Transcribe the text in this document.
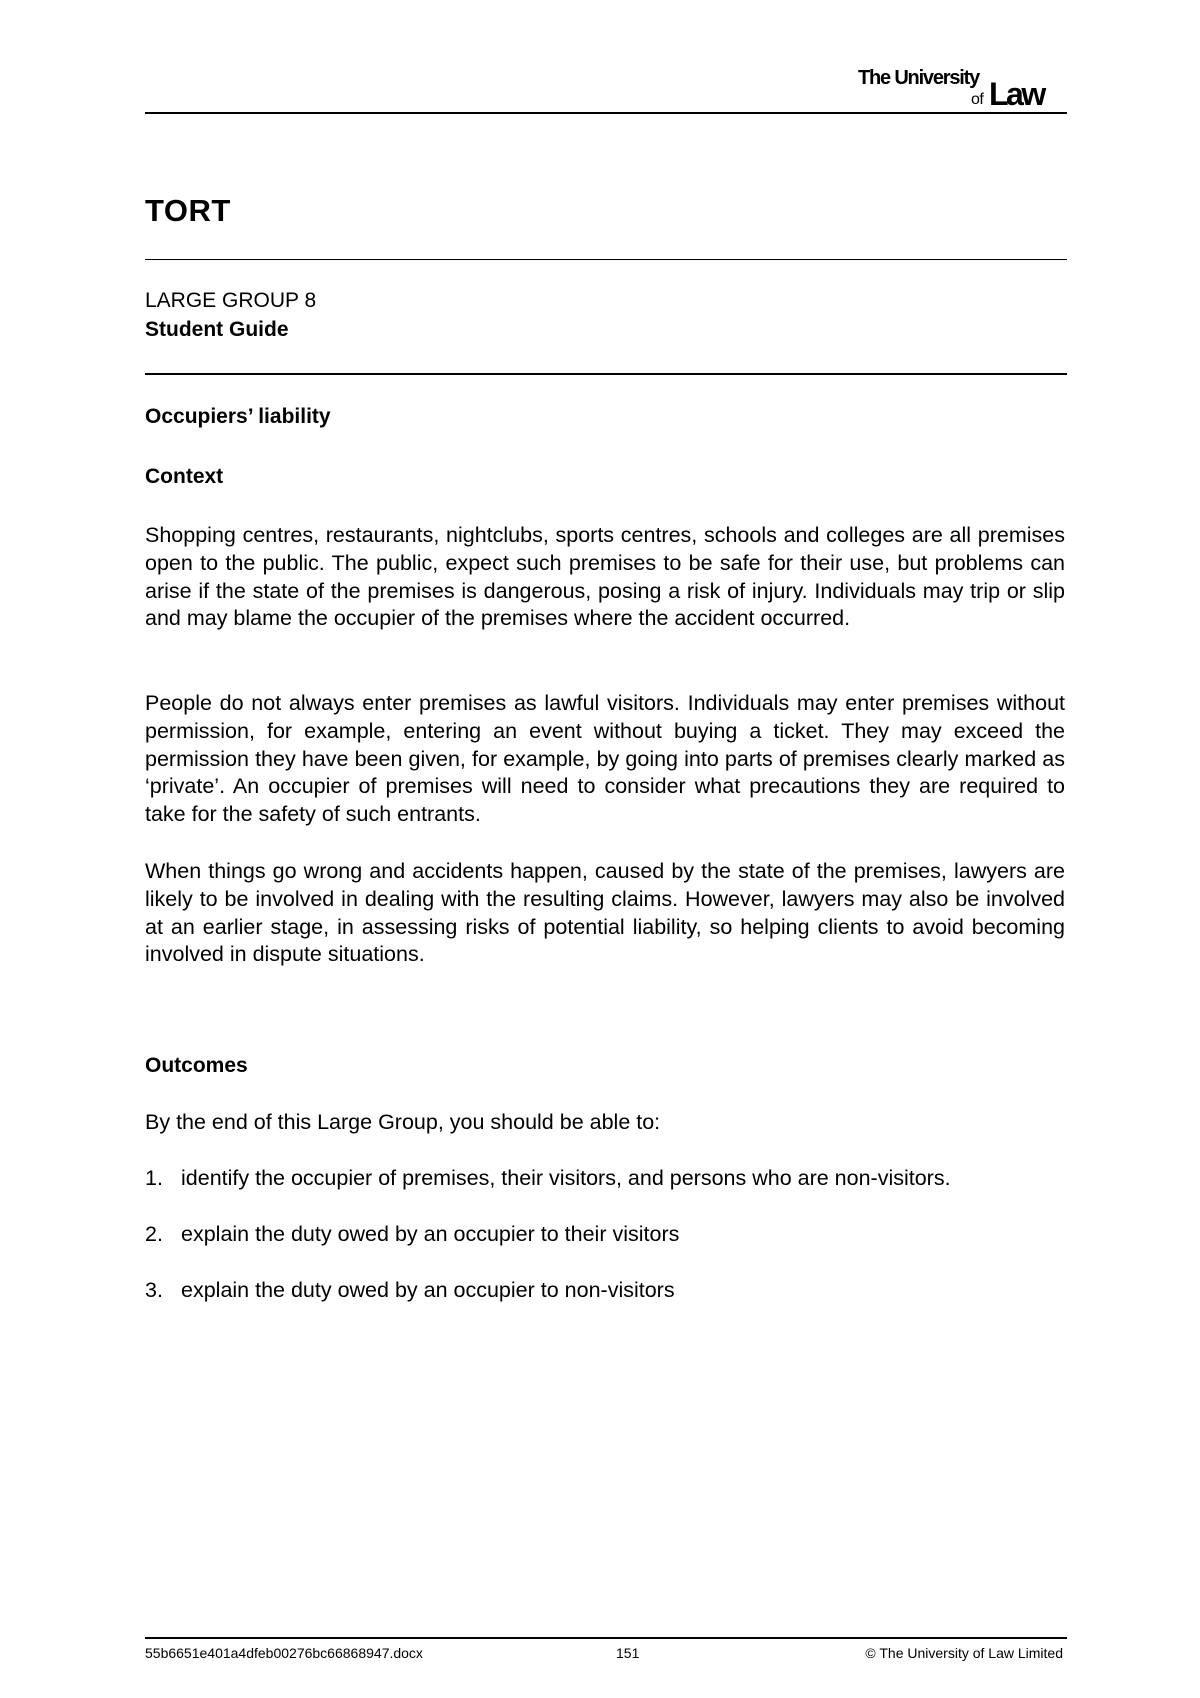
The University
of Law
TORT
LARGE GROUP 8
Student Guide
Occupiers’ liability
Context
Shopping centres, restaurants, nightclubs, sports centres, schools and colleges are all premises open to the public. The public, expect such premises to be safe for their use, but problems can arise if the state of the premises is dangerous, posing a risk of injury. Individuals may trip or slip and may blame the occupier of the premises where the accident occurred.
People do not always enter premises as lawful visitors. Individuals may enter premises without permission, for example, entering an event without buying a ticket. They may exceed the permission they have been given, for example, by going into parts of premises clearly marked as ‘private’. An occupier of premises will need to consider what precautions they are required to take for the safety of such entrants.
When things go wrong and accidents happen, caused by the state of the premises, lawyers are likely to be involved in dealing with the resulting claims. However, lawyers may also be involved at an earlier stage, in assessing risks of potential liability, so helping clients to avoid becoming involved in dispute situations.
Outcomes
By the end of this Large Group, you should be able to:
1. identify the occupier of premises, their visitors, and persons who are non-visitors.
2. explain the duty owed by an occupier to their visitors
3. explain the duty owed by an occupier to non-visitors
55b6651e401a4dfeb00276bc66868947.docx	151	© The University of Law Limited
